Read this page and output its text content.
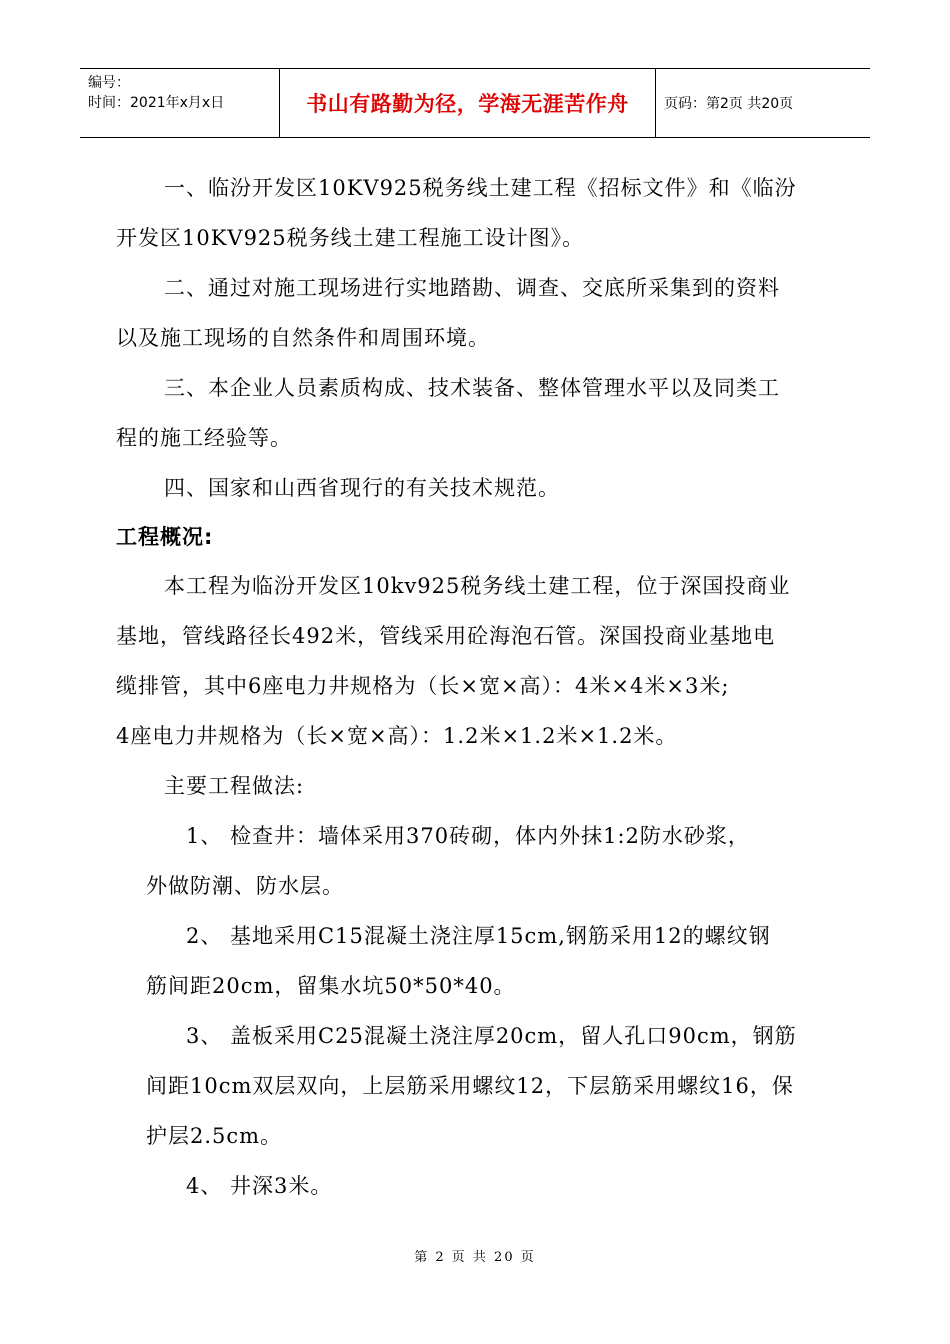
编号：
时间：2021年x月x日	书山有路勤为径，学海无涯苦作舟	页码：第2页 共20页
一、临汾开发区10KV925税务线土建工程《招标文件》和《临汾
开发区10KV925税务线土建工程施工设计图》。
二、通过对施工现场进行实地踏勘、调查、交底所采集到的资料
以及施工现场的自然条件和周围环境。
三、本企业人员素质构成、技术装备、整体管理水平以及同类工
程的施工经验等。
四、国家和山西省现行的有关技术规范。
工程概况:
本工程为临汾开发区10kv925税务线土建工程，位于深国投商业
基地，管线路径长492米，管线采用砼海泡石管。深国投商业基地电
缆排管，其中6座电力井规格为（长×宽×高）：4米×4米×3米;
4座电力井规格为（长×宽×高）：1.2米×1.2米×1.2米。
主要工程做法:
1、 检查井：墙体采用370砖砌，体内外抹1:2防水砂浆，
外做防潮、防水层。
2、 基地采用C15混凝土浇注厚15cm,钢筋采用12的螺纹钢
筋间距20cm，留集水坑50*50*40。
3、 盖板采用C25混凝土浇注厚20cm，留人孔口90cm，钢筋
间距10cm双层双向，上层筋采用螺纹12，下层筋采用螺纹16，保
护层2.5cm。
4、 井深3米。
第 2 页 共 20 页
